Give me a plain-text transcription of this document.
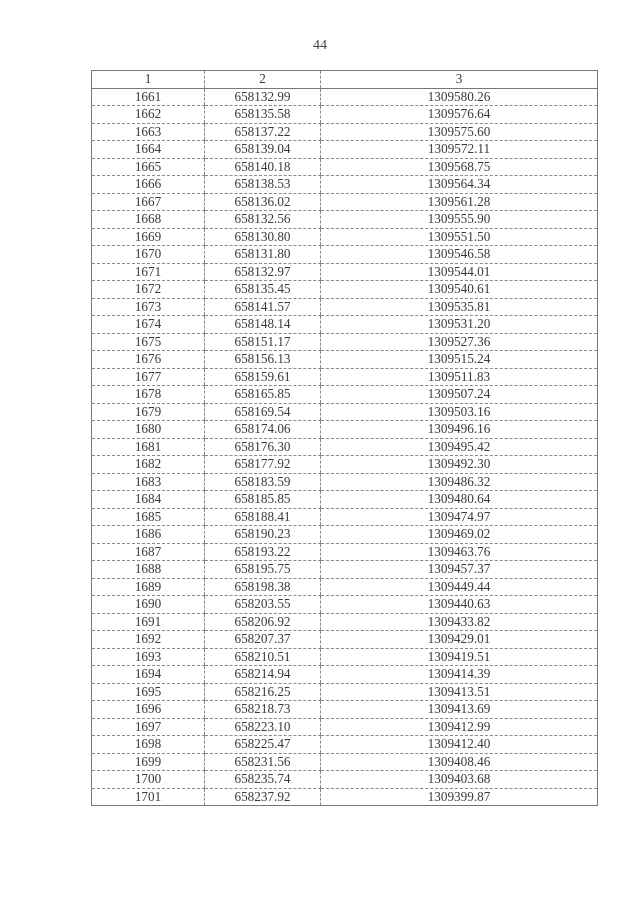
44
1	2	3
1661	658132.99	1309580.26
1662	658135.58	1309576.64
1663	658137.22	1309575.60
1664	658139.04	1309572.11
1665	658140.18	1309568.75
1666	658138.53	1309564.34
1667	658136.02	1309561.28
1668	658132.56	1309555.90
1669	658130.80	1309551.50
1670	658131.80	1309546.58
1671	658132.97	1309544.01
1672	658135.45	1309540.61
1673	658141.57	1309535.81
1674	658148.14	1309531.20
1675	658151.17	1309527.36
1676	658156.13	1309515.24
1677	658159.61	1309511.83
1678	658165.85	1309507.24
1679	658169.54	1309503.16
1680	658174.06	1309496.16
1681	658176.30	1309495.42
1682	658177.92	1309492.30
1683	658183.59	1309486.32
1684	658185.85	1309480.64
1685	658188.41	1309474.97
1686	658190.23	1309469.02
1687	658193.22	1309463.76
1688	658195.75	1309457.37
1689	658198.38	1309449.44
1690	658203.55	1309440.63
1691	658206.92	1309433.82
1692	658207.37	1309429.01
1693	658210.51	1309419.51
1694	658214.94	1309414.39
1695	658216.25	1309413.51
1696	658218.73	1309413.69
1697	658223.10	1309412.99
1698	658225.47	1309412.40
1699	658231.56	1309408.46
1700	658235.74	1309403.68
1701	658237.92	1309399.87
